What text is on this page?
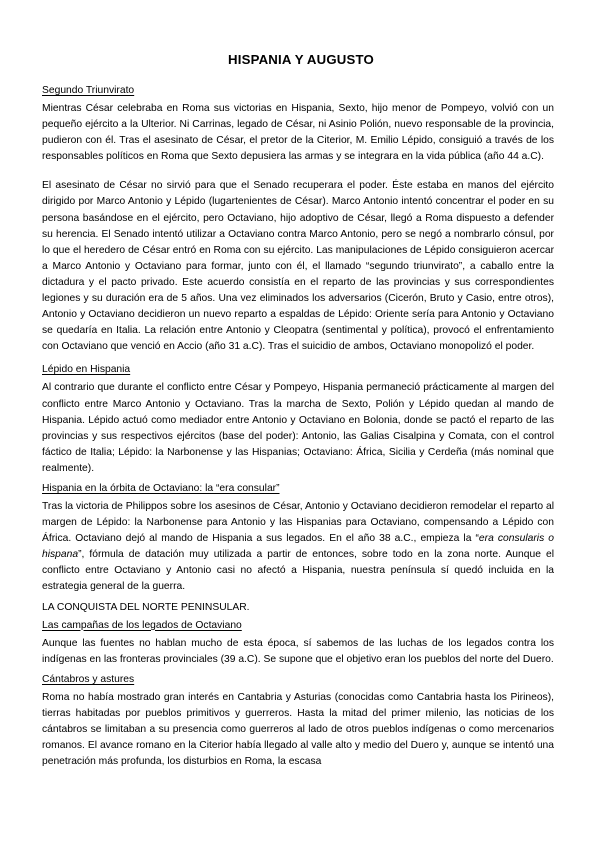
HISPANIA Y AUGUSTO
Segundo Triunvirato

Mientras César celebraba en Roma sus victorias en Hispania, Sexto, hijo menor de Pompeyo, volvió con un pequeño ejército a la Ulterior. Ni Carrinas, legado de César, ni Asinio Polión, nuevo responsable de la provincia, pudieron con él. Tras el asesinato de César, el pretor de la Citerior, M. Emilio Lépido, consiguió a través de los responsables políticos en Roma que Sexto depusiera las armas y se integrara en la vida pública (año 44 a.C).

El asesinato de César no sirvió para que el Senado recuperara el poder. Éste estaba en manos del ejército dirigido por Marco Antonio y Lépido (lugartenientes de César). Marco Antonio intentó concentrar el poder en su persona basándose en el ejército, pero Octaviano, hijo adoptivo de César, llegó a Roma dispuesto a defender su herencia. El Senado intentó utilizar a Octaviano contra Marco Antonio, pero se negó a nombrarlo cónsul, por lo que el heredero de César entró en Roma con su ejército. Las manipulaciones de Lépido consiguieron acercar a Marco Antonio y Octaviano para formar, junto con él, el llamado “segundo triunvirato”, a caballo entre la dictadura y el pacto privado. Este acuerdo consistía en el reparto de las provincias y sus correspondientes legiones y su duración era de 5 años. Una vez eliminados los adversarios (Cicerón, Bruto y Casio, entre otros), Antonio y Octaviano decidieron un nuevo reparto a espaldas de Lépido: Oriente sería para Antonio y Octaviano se quedaría en Italia. La relación entre Antonio y Cleopatra (sentimental y política), provocó el enfrentamiento con Octaviano que venció en Accio (año 31 a.C). Tras el suicidio de ambos, Octaviano monopolizó el poder.

Lépido en Hispania

Al contrario que durante el conflicto entre César y Pompeyo, Hispania permaneció prácticamente al margen del conflicto entre Marco Antonio y Octaviano. Tras la marcha de Sexto, Polión y Lépido quedan al mando de Hispania. Lépido actuó como mediador entre Antonio y Octaviano en Bolonia, donde se pactó el reparto de las provincias y sus respectivos ejércitos (base del poder): Antonio, las Galias Cisalpina y Comata, con el control fáctico de Italia; Lépido: la Narbonense y las Hispanias; Octaviano: África, Sicilia y Cerdeña (más nominal que realmente).

Hispania en la órbita de Octaviano: la “era consular”

Tras la victoria de Philippos sobre los asesinos de César, Antonio y Octaviano decidieron remodelar el reparto al margen de Lépido: la Narbonense para Antonio y las Hispanias para Octaviano, compensando a Lépido con África. Octaviano dejó al mando de Hispania a sus legados. En el año 38 a.C., empieza la “era consularis o hispana”, fórmula de datación muy utilizada a partir de entonces, sobre todo en la zona norte. Aunque el conflicto entre Octaviano y Antonio casi no afectó a Hispania, nuestra península sí quedó incluida en la estrategia general de la guerra.

LA CONQUISTA DEL NORTE PENINSULAR.
Las campañas de los legados de Octaviano

Aunque las fuentes no hablan mucho de esta época, sí sabemos de las luchas de los legados contra los indígenas en las fronteras provinciales (39 a.C). Se supone que el objetivo eran los pueblos del norte del Duero.

Cántabros y astures

Roma no había mostrado gran interés en Cantabria y Asturias (conocidas como Cantabria hasta los Pirineos), tierras habitadas por pueblos primitivos y guerreros. Hasta la mitad del primer milenio, las noticias de los cántabros se limitaban a su presencia como guerreros al lado de otros pueblos indígenas o como mercenarios romanos. El avance romano en la Citerior había llegado al valle alto y medio del Duero y, aunque se intentó una penetración más profunda, los disturbios en Roma, la escasa
